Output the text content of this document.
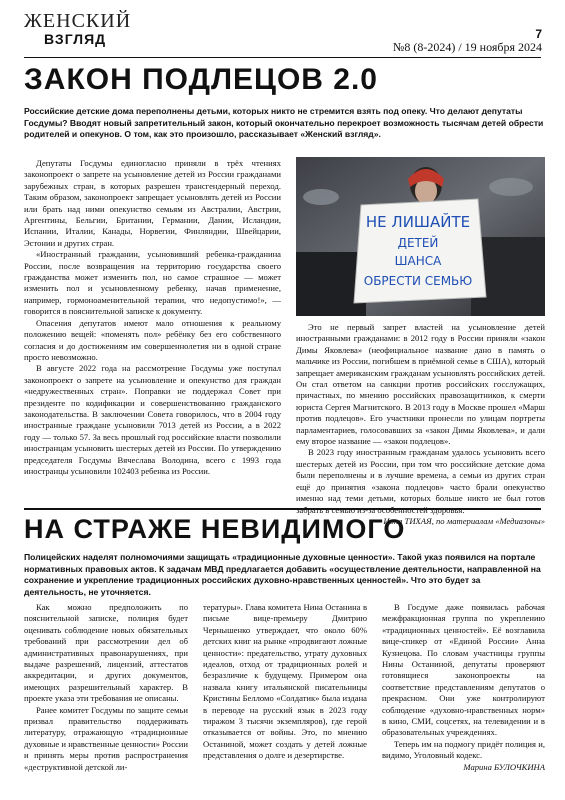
ЖЕНСКИЙ
ВЗГЛЯД	7
№8 (8-2024) / 19 ноября 2024
ЗАКОН ПОДЛЕЦОВ 2.0
Российские детские дома переполнены детьми, которых никто не стремится взять под опеку. Что делают депутаты Госдумы? Вводят новый запретительный закон, который окончательно перекроет возможность тысячам детей обрести родителей и опекунов. О том, как это произошло, рассказывает «Женский взгляд».

Депутаты Госдумы единогласно приняли в трёх чтениях законопроект о запрете на усыновление детей из России гражданами зарубежных стран, в которых разрешен трансгендерный переход. Таким образом, законопроект запрещает усыновлять детей из России или брать над ними опекунство семьям из Австралии, Австрии, Аргентины, Бельгии, Британии, Германии, Дании, Исландии, Испании, Италии, Канады, Норвегии, Финляндии, Швейцарии, Эстонии и других стран.

«Иностранный гражданин, усыновивший ребенка-гражданина России, после возвращения на территорию государства своего гражданства может изменить пол, но самое страшное — может изменить пол и усыновленному ребенку, начав применение, например, гормоноаменительной терапии, что недопустимо!», — говорится в пояснительной записке к документу.

Опасения депутатов имеют мало отношения к реальному положению вещей: «поменять пол» ребёнку без его собственного согласия и до достижениям им совершеннолетия ни в одной стране просто невозможно.

В августе 2022 года на рассмотрение Госдумы уже поступал законопроект о запрете на усыновление и опекунство для граждан «недружественных стран». Поправки не поддержал Совет при президенте по кодификации и совершенствованию гражданского законодательства. В заключении Совета говорилось, что в 2004 году иностранные граждане усыновили 7013 детей из России, а в 2022 году — только 57. За весь прошлый год российские власти позволили иностранцам усыновить шестерых детей из России. По утверждению председателя Госдумы Вячеслава Володина, всего с 1993 года иностранцы усыновили 102403 ребенка из России.

НЕ ЛИШАЙТЕ
ДЕТЕЙ
ШАНСА
ОБРЕСТИ СЕМЬЮ

Это не первый запрет властей на усыновление детей иностранными гражданами: в 2012 году в России приняли «закон Димы Яковлева» (неофициальное название дано в память о мальчике из России, погибшем в приёмной семье в США), который запрещает американским гражданам усыновлять российских детей. Он стал ответом на санкции против российских госслужащих, причастных, по мнению российских правозащитников, к смерти юриста Сергея Магнитского. В 2013 году в Москве прошел «Марш против подлецов». Его участники пронесли по улицам портреты парламентариев, голосовавших за «закон Димы Яковлева», и дали ему второе название — «закон подлецов».

В 2023 году иностранным гражданам удалось усыновить всего шестерых детей из России, при том что российские детские дома были переполнены и в лучшие времена, а семьи из других стран ещё до принятия «закона подлецов» часто брали опекунство именно над теми детьми, которых больше никто не был готов

Иона ТИХАЯ, по материалам «Медиазоны»
НА СТРАЖЕ НЕВИДИМОГО
Полицейских наделят полномочиями защищать «традиционные духовные ценности». Такой указ появился на портале нормативных правовых актов. К задачам МВД предлагается добавить «осуществление деятельности, направленной на сохранение и укрепление традиционных российских духовно-нравственных ценностей». Что это будет за деятельность, не уточняется.

Как можно предположить по пояснительной записке, полиция будет оценивать соблюдение новых обязательных требований при рассмотрении дел об административных правонарушениях, при выдаче разрешений, лицензий, аттестатов аккредитации, и других документов, имеющих разрешительный характер. В проекте указа эти требования не описаны.

Ранее комитет Госдумы по защите семьи призвал правительство поддерживать литературу, отражающую «традиционные духовные и нравственные ценности» России и принять меры против распространения «деструктивной детской ли-

тературы». Глава комитета Нина Останина в письме вице-премьеру Дмитрию Чернышенко утверждает, что около 60% детских книг на рынке «продвигают ложные ценности»: предательство, утрату духовных идеалов, отход от традиционных ролей и безразличие к будущему. Примером она назвала книгу итальянской писательницы Кристины Белломо «Солдатик» была издана в переводе на русский язык в 2023 году тиражом 3 тысячи экземпляров), где герой отказывается от войны. Это, по мнению Останиной, может создать у детей ложные представления о долге и дезертирстве.

В Госдуме даже появилась рабочая межфракционная группа по укреплению «традиционных ценностей». Её возглавила вице-спикер от «Единой России» Анна Кузнецова. По словам участницы группы Нины Останиной, депутаты проверяют готовящиеся законопроекты на соответствие представлениям депутатов о прекрасном. Они уже контролируют соблюдение «духовно-нравственных норм» в кино, СМИ, соцсетях, на телевидении и в образовательных учреждениях.

Теперь им на подмогу придёт полиция и, видимо, Уголовный кодекс.

Марина БУЛОЧКИНА
